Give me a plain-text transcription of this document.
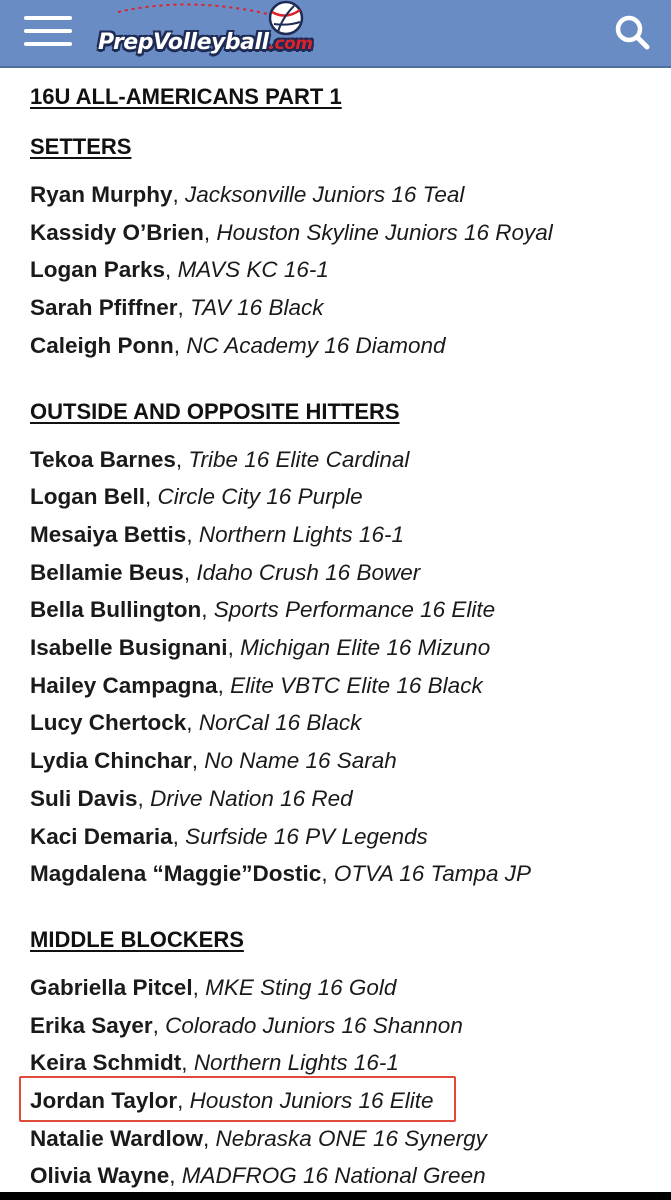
PrepVolleyball.com
16U ALL-AMERICANS PART 1
SETTERS
Ryan Murphy, Jacksonville Juniors 16 Teal
Kassidy O’Brien, Houston Skyline Juniors 16 Royal
Logan Parks, MAVS KC 16-1
Sarah Pfiffner, TAV 16 Black
Caleigh Ponn, NC Academy 16 Diamond
OUTSIDE AND OPPOSITE HITTERS
Tekoa Barnes, Tribe 16 Elite Cardinal
Logan Bell, Circle City 16 Purple
Mesaiya Bettis, Northern Lights 16-1
Bellamie Beus, Idaho Crush 16 Bower
Bella Bullington, Sports Performance 16 Elite
Isabelle Busignani, Michigan Elite 16 Mizuno
Hailey Campagna, Elite VBTC Elite 16 Black
Lucy Chertock, NorCal 16 Black
Lydia Chinchar, No Name 16 Sarah
Suli Davis, Drive Nation 16 Red
Kaci Demaria, Surfside 16 PV Legends
Magdalena “Maggie”Dostic, OTVA 16 Tampa JP
MIDDLE BLOCKERS
Gabriella Pitcel, MKE Sting 16 Gold
Erika Sayer, Colorado Juniors 16 Shannon
Keira Schmidt, Northern Lights 16-1
Jordan Taylor, Houston Juniors 16 Elite
Natalie Wardlow, Nebraska ONE 16 Synergy
Olivia Wayne, MADFROG 16 National Green
